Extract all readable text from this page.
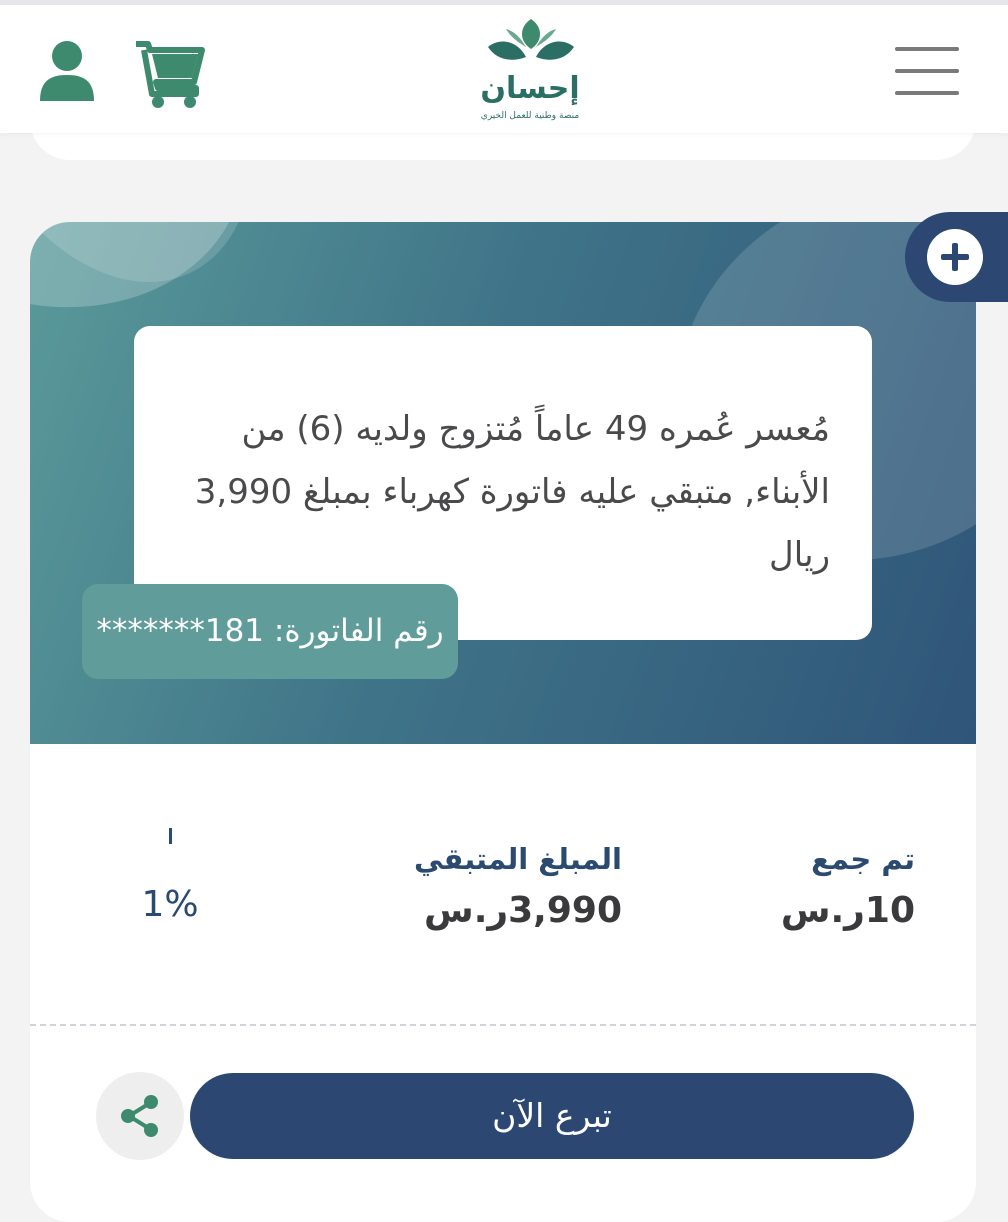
إحسان
منصة وطنية للعمل الخيري
مُعسر عُمره 49 عاماً مُتزوج ولديه (6) من الأبناء, متبقي عليه فاتورة كهرباء بمبلغ 3,990 ريال
رقم الفاتورة: 181*******
تم جمع
10ر.س
المبلغ المتبقي
3,990ر.س
1%
تبرع الآن
